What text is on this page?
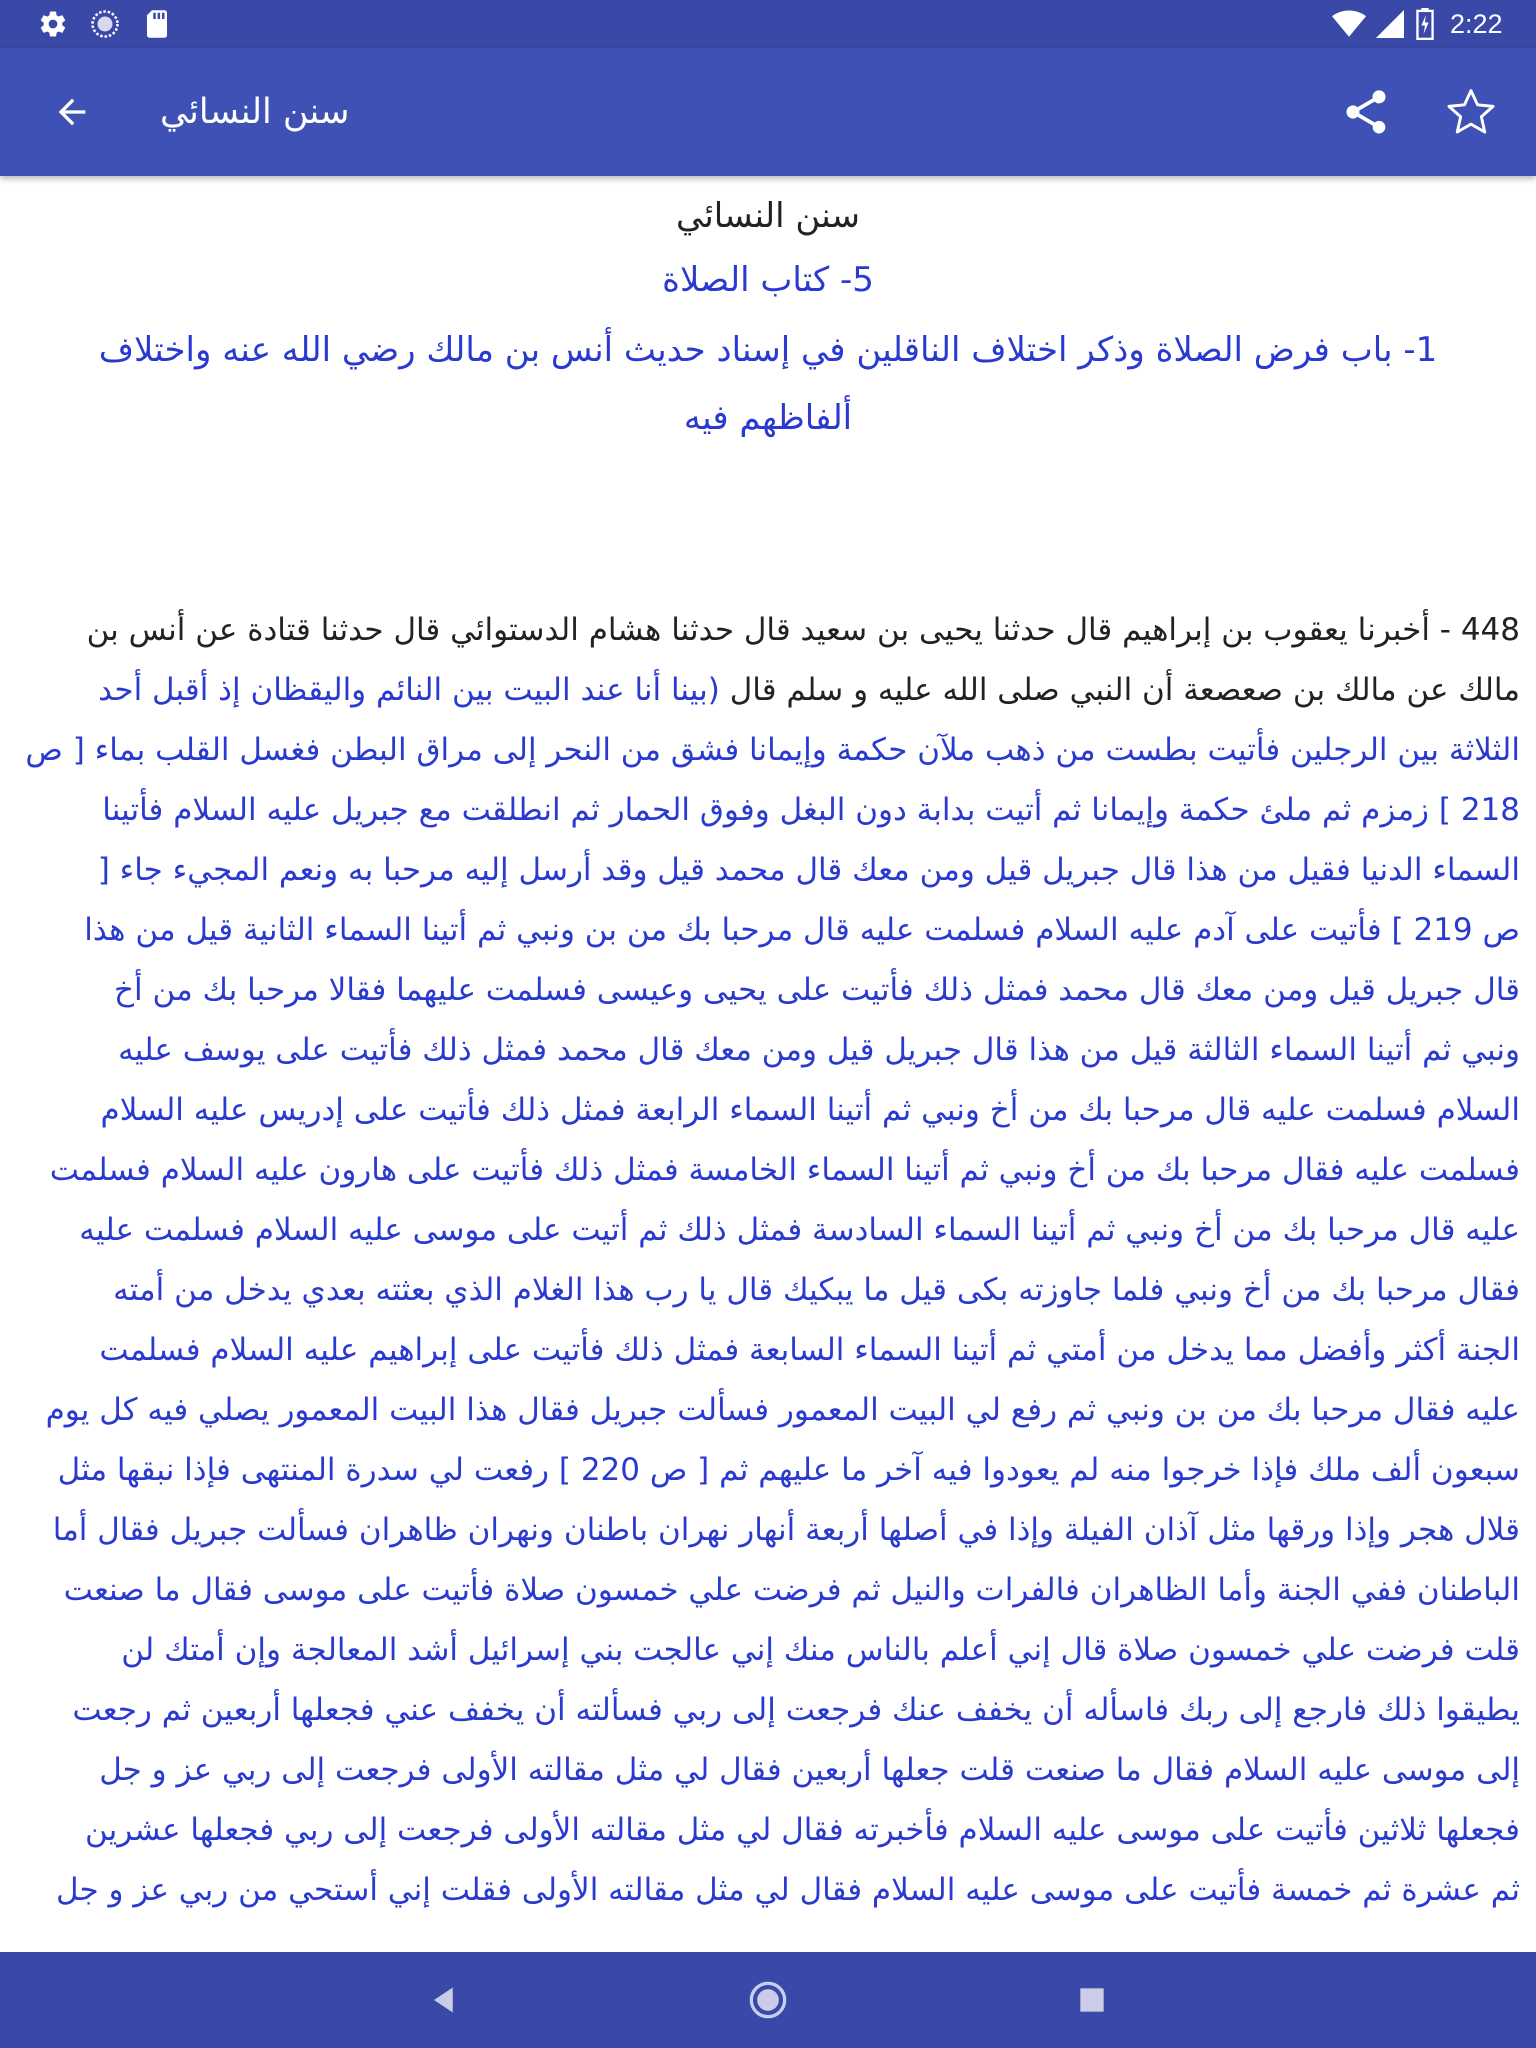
2:22
سنن النسائي
سنن النسائي
5- كتاب الصلاة
1- باب فرض الصلاة وذكر اختلاف الناقلين في إسناد حديث أنس بن مالك رضي الله عنه واختلاف
ألفاظهم فيه
448 - أخبرنا يعقوب بن إبراهيم قال حدثنا يحيى بن سعيد قال حدثنا هشام الدستوائي قال حدثنا قتادة عن أنس بن
مالك عن مالك بن صعصعة أن النبي صلى الله عليه و سلم قال (بينا أنا عند البيت بين النائم واليقظان إذ أقبل أحد
الثلاثة بين الرجلين فأتيت بطست من ذهب ملآن حكمة وإيمانا فشق من النحر إلى مراق البطن فغسل القلب بماء [ ص
218 ] زمزم ثم ملئ حكمة وإيمانا ثم أتيت بدابة دون البغل وفوق الحمار ثم انطلقت مع جبريل عليه السلام فأتينا
السماء الدنيا فقيل من هذا قال جبريل قيل ومن معك قال محمد قيل وقد أرسل إليه مرحبا به ونعم المجيء جاء [
ص 219 ] فأتيت على آدم عليه السلام فسلمت عليه قال مرحبا بك من بن ونبي ثم أتينا السماء الثانية قيل من هذا
قال جبريل قيل ومن معك قال محمد فمثل ذلك فأتيت على يحيى وعيسى فسلمت عليهما فقالا مرحبا بك من أخ
ونبي ثم أتينا السماء الثالثة قيل من هذا قال جبريل قيل ومن معك قال محمد فمثل ذلك فأتيت على يوسف عليه
السلام فسلمت عليه قال مرحبا بك من أخ ونبي ثم أتينا السماء الرابعة فمثل ذلك فأتيت على إدريس عليه السلام
فسلمت عليه فقال مرحبا بك من أخ ونبي ثم أتينا السماء الخامسة فمثل ذلك فأتيت على هارون عليه السلام فسلمت
عليه قال مرحبا بك من أخ ونبي ثم أتينا السماء السادسة فمثل ذلك ثم أتيت على موسى عليه السلام فسلمت عليه
فقال مرحبا بك من أخ ونبي فلما جاوزته بكى قيل ما يبكيك قال يا رب هذا الغلام الذي بعثته بعدي يدخل من أمته
الجنة أكثر وأفضل مما يدخل من أمتي ثم أتينا السماء السابعة فمثل ذلك فأتيت على إبراهيم عليه السلام فسلمت
عليه فقال مرحبا بك من بن ونبي ثم رفع لي البيت المعمور فسألت جبريل فقال هذا البيت المعمور يصلي فيه كل يوم
سبعون ألف ملك فإذا خرجوا منه لم يعودوا فيه آخر ما عليهم ثم [ ص 220 ] رفعت لي سدرة المنتهى فإذا نبقها مثل
قلال هجر وإذا ورقها مثل آذان الفيلة وإذا في أصلها أربعة أنهار نهران باطنان ونهران ظاهران فسألت جبريل فقال أما
الباطنان ففي الجنة وأما الظاهران فالفرات والنيل ثم فرضت علي خمسون صلاة فأتيت على موسى فقال ما صنعت
قلت فرضت علي خمسون صلاة قال إني أعلم بالناس منك إني عالجت بني إسرائيل أشد المعالجة وإن أمتك لن
يطيقوا ذلك فارجع إلى ربك فاسأله أن يخفف عنك فرجعت إلى ربي فسألته أن يخفف عني فجعلها أربعين ثم رجعت
إلى موسى عليه السلام فقال ما صنعت قلت جعلها أربعين فقال لي مثل مقالته الأولى فرجعت إلى ربي عز و جل
فجعلها ثلاثين فأتيت على موسى عليه السلام فأخبرته فقال لي مثل مقالته الأولى فرجعت إلى ربي فجعلها عشرين
ثم عشرة ثم خمسة فأتيت على موسى عليه السلام فقال لي مثل مقالته الأولى فقلت إني أستحي من ربي عز و جل
